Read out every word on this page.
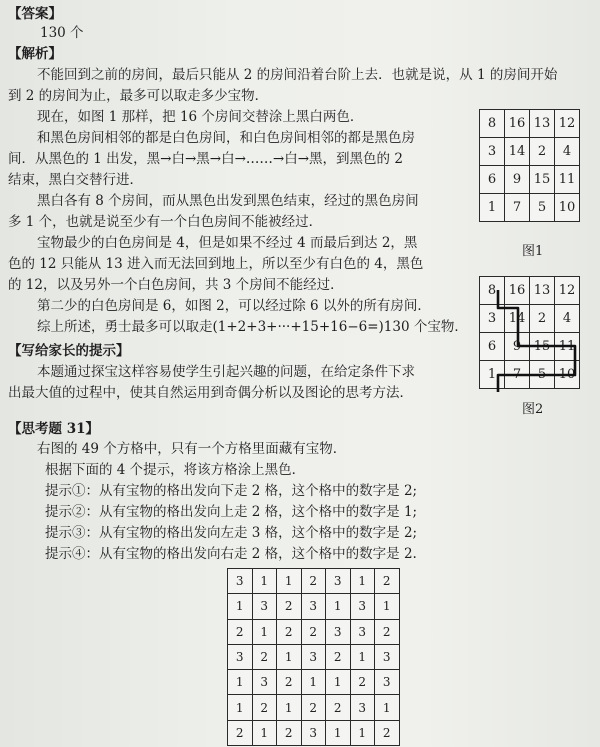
【答案】
130 个
【解析】
不能回到之前的房间，最后只能从 2 的房间沿着台阶上去．也就是说，从 1 的房间开始
到 2 的房间为止，最多可以取走多少宝物．
现在，如图 1 那样，把 16 个房间交替涂上黑白两色．
和黑色房间相邻的都是白色房间，和白色房间相邻的都是黑色房
间．从黑色的 1 出发，黑→白→黑→白→……→白→黑，到黑色的 2
结束，黑白交替行进．
黑白各有 8 个房间，而从黑色出发到黑色结束，经过的黑色房间
多 1 个，也就是说至少有一个白色房间不能被经过．
宝物最少的白色房间是 4，但是如果不经过 4 而最后到达 2，黑
色的 12 只能从 13 进入而无法回到地上，所以至少有白色的 4，黑色
的 12，以及另外一个白色房间，共 3 个房间不能经过．
第二少的白色房间是 6，如图 2，可以经过除 6 以外的所有房间．
综上所述，勇士最多可以取走(1+2+3+···+15+16−6=)130 个宝物．
8	16	13	12
3	14	2	4
6	9	15	11
1	7	5	10
图1
8	16	13	12
3	14	2	4
6	9	15	11
1	7	5	10
图2
【写给家长的提示】
本题通过探宝这样容易使学生引起兴趣的问题，在给定条件下求
出最大值的过程中，使其自然运用到奇偶分析以及图论的思考方法．
【思考题 31】
右图的 49 个方格中，只有一个方格里面藏有宝物．
根据下面的 4 个提示，将该方格涂上黑色．
提示①：从有宝物的格出发向下走 2 格，这个格中的数字是 2;
提示②：从有宝物的格出发向上走 2 格，这个格中的数字是 1;
提示③：从有宝物的格出发向左走 3 格，这个格中的数字是 2;
提示④：从有宝物的格出发向右走 2 格，这个格中的数字是 2.
3	1	1	2	3	1	2
1	3	2	3	1	3	1
2	1	2	2	3	3	2
3	2	1	3	2	1	3
1	3	2	1	1	2	3
1	2	1	2	2	3	1
2	1	2	3	1	1	2
